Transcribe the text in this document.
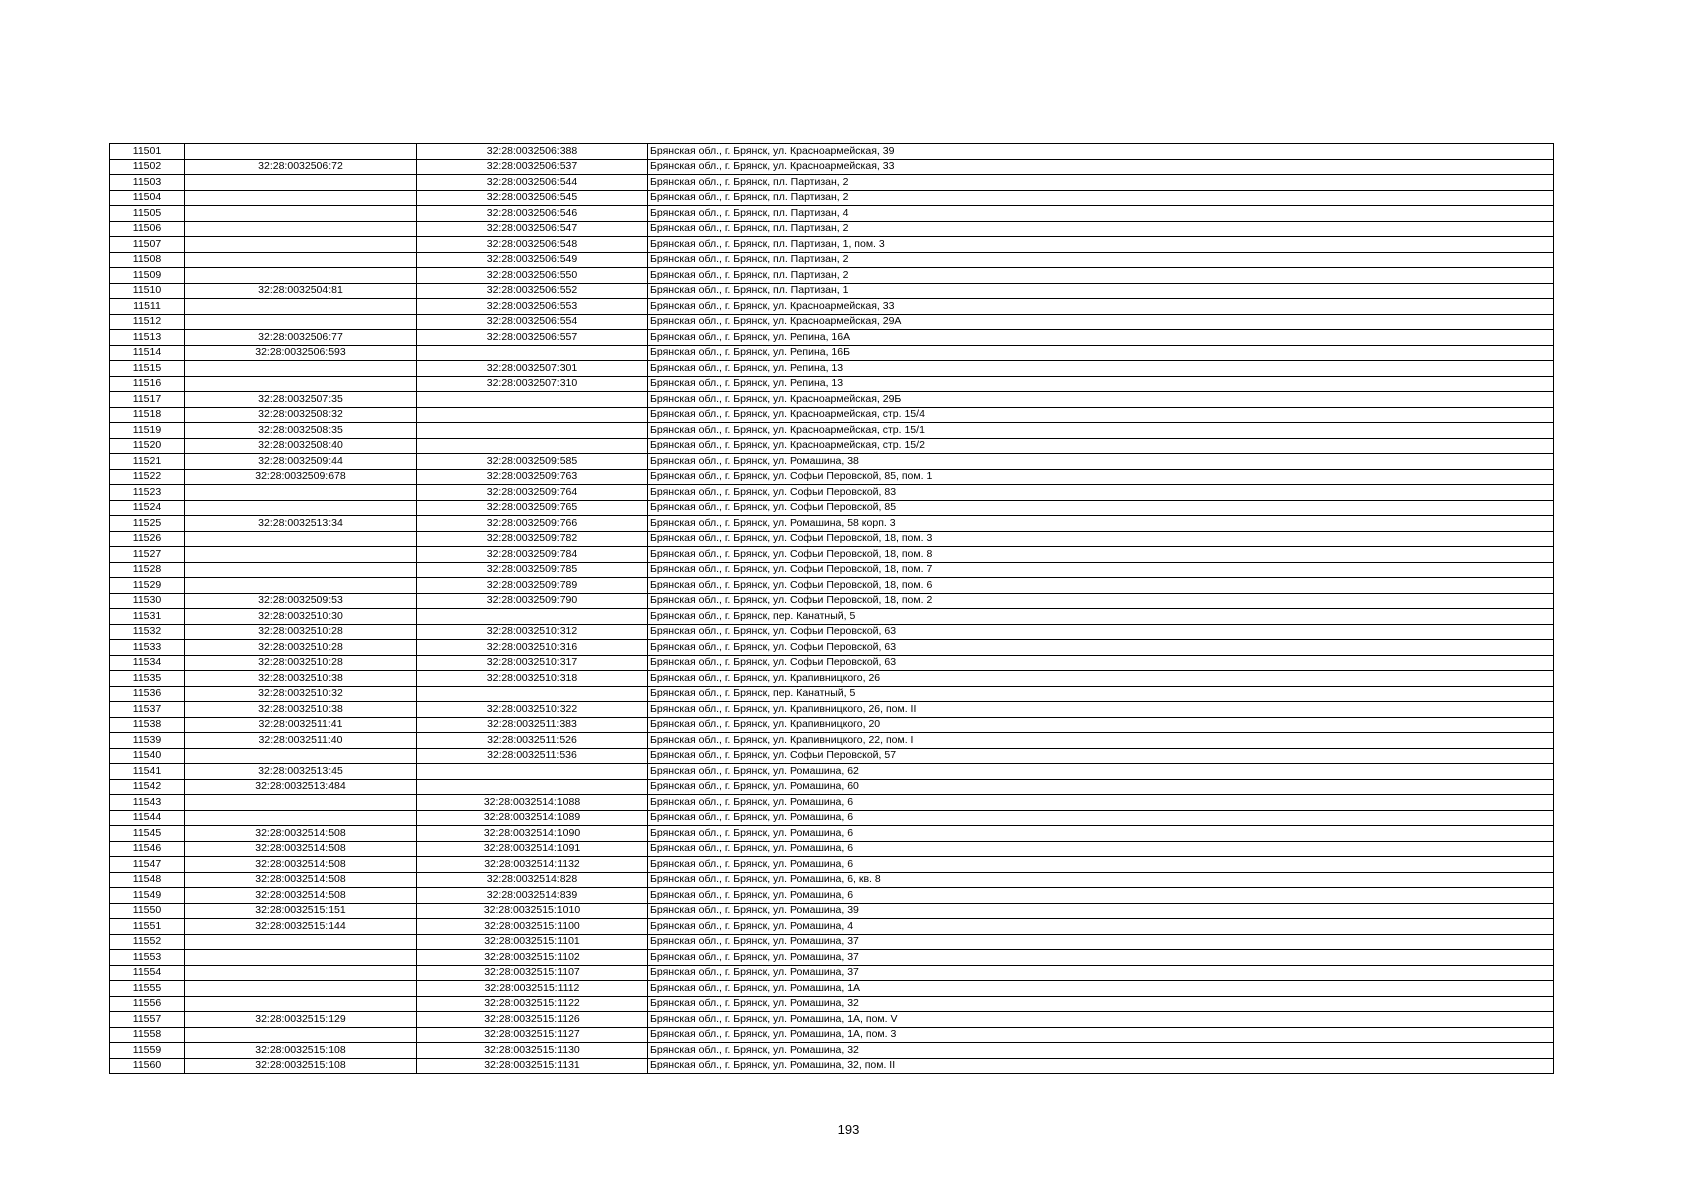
11501		32:28:0032506:388	Брянская обл., г. Брянск, ул. Красноармейская, 39
11502	32:28:0032506:72	32:28:0032506:537	Брянская обл., г. Брянск, ул. Красноармейская, 33
11503		32:28:0032506:544	Брянская обл., г. Брянск, пл. Партизан, 2
11504		32:28:0032506:545	Брянская обл., г. Брянск, пл. Партизан, 2
11505		32:28:0032506:546	Брянская обл., г. Брянск, пл. Партизан, 4
11506		32:28:0032506:547	Брянская обл., г. Брянск, пл. Партизан, 2
11507		32:28:0032506:548	Брянская обл., г. Брянск, пл. Партизан, 1, пом. 3
11508		32:28:0032506:549	Брянская обл., г. Брянск, пл. Партизан, 2
11509		32:28:0032506:550	Брянская обл., г. Брянск, пл. Партизан, 2
11510	32:28:0032504:81	32:28:0032506:552	Брянская обл., г. Брянск, пл. Партизан, 1
11511		32:28:0032506:553	Брянская обл., г. Брянск, ул. Красноармейская, 33
11512		32:28:0032506:554	Брянская обл., г. Брянск, ул. Красноармейская, 29А
11513	32:28:0032506:77	32:28:0032506:557	Брянская обл., г. Брянск, ул. Репина, 16А
11514	32:28:0032506:593		Брянская обл., г. Брянск, ул. Репина, 16Б
11515		32:28:0032507:301	Брянская обл., г. Брянск, ул. Репина, 13
11516		32:28:0032507:310	Брянская обл., г. Брянск, ул. Репина, 13
11517	32:28:0032507:35		Брянская обл., г. Брянск, ул. Красноармейская, 29Б
11518	32:28:0032508:32		Брянская обл., г. Брянск, ул. Красноармейская, стр. 15/4
11519	32:28:0032508:35		Брянская обл., г. Брянск, ул. Красноармейская, стр. 15/1
11520	32:28:0032508:40		Брянская обл., г. Брянск, ул. Красноармейская, стр. 15/2
11521	32:28:0032509:44	32:28:0032509:585	Брянская обл., г. Брянск, ул. Ромашина, 38
11522	32:28:0032509:678	32:28:0032509:763	Брянская обл., г. Брянск, ул. Софьи Перовской, 85, пом. 1
11523		32:28:0032509:764	Брянская обл., г. Брянск, ул. Софьи Перовской, 83
11524		32:28:0032509:765	Брянская обл., г. Брянск, ул. Софьи Перовской, 85
11525	32:28:0032513:34	32:28:0032509:766	Брянская обл., г. Брянск, ул. Ромашина, 58 корп. 3
11526		32:28:0032509:782	Брянская обл., г. Брянск, ул. Софьи Перовской, 18, пом. 3
11527		32:28:0032509:784	Брянская обл., г. Брянск, ул. Софьи Перовской, 18, пом. 8
11528		32:28:0032509:785	Брянская обл., г. Брянск, ул. Софьи Перовской, 18, пом. 7
11529		32:28:0032509:789	Брянская обл., г. Брянск, ул. Софьи Перовской, 18, пом. 6
11530	32:28:0032509:53	32:28:0032509:790	Брянская обл., г. Брянск, ул. Софьи Перовской, 18, пом. 2
11531	32:28:0032510:30		Брянская обл., г. Брянск, пер. Канатный, 5
11532	32:28:0032510:28	32:28:0032510:312	Брянская обл., г. Брянск, ул. Софьи Перовской, 63
11533	32:28:0032510:28	32:28:0032510:316	Брянская обл., г. Брянск, ул. Софьи Перовской, 63
11534	32:28:0032510:28	32:28:0032510:317	Брянская обл., г. Брянск, ул. Софьи Перовской, 63
11535	32:28:0032510:38	32:28:0032510:318	Брянская обл., г. Брянск, ул. Крапивницкого, 26
11536	32:28:0032510:32		Брянская обл., г. Брянск, пер. Канатный, 5
11537	32:28:0032510:38	32:28:0032510:322	Брянская обл., г. Брянск, ул. Крапивницкого, 26, пом. II
11538	32:28:0032511:41	32:28:0032511:383	Брянская обл., г. Брянск, ул. Крапивницкого, 20
11539	32:28:0032511:40	32:28:0032511:526	Брянская обл., г. Брянск, ул. Крапивницкого, 22, пом. I
11540		32:28:0032511:536	Брянская обл., г. Брянск, ул. Софьи Перовской, 57
11541	32:28:0032513:45		Брянская обл., г. Брянск, ул. Ромашина, 62
11542	32:28:0032513:484		Брянская обл., г. Брянск, ул. Ромашина, 60
11543		32:28:0032514:1088	Брянская обл., г. Брянск, ул. Ромашина, 6
11544		32:28:0032514:1089	Брянская обл., г. Брянск, ул. Ромашина, 6
11545	32:28:0032514:508	32:28:0032514:1090	Брянская обл., г. Брянск, ул. Ромашина, 6
11546	32:28:0032514:508	32:28:0032514:1091	Брянская обл., г. Брянск, ул. Ромашина, 6
11547	32:28:0032514:508	32:28:0032514:1132	Брянская обл., г. Брянск, ул. Ромашина, 6
11548	32:28:0032514:508	32:28:0032514:828	Брянская обл., г. Брянск, ул. Ромашина, 6, кв. 8
11549	32:28:0032514:508	32:28:0032514:839	Брянская обл., г. Брянск, ул. Ромашина, 6
11550	32:28:0032515:151	32:28:0032515:1010	Брянская обл., г. Брянск, ул. Ромашина, 39
11551	32:28:0032515:144	32:28:0032515:1100	Брянская обл., г. Брянск, ул. Ромашина, 4
11552		32:28:0032515:1101	Брянская обл., г. Брянск, ул. Ромашина, 37
11553		32:28:0032515:1102	Брянская обл., г. Брянск, ул. Ромашина, 37
11554		32:28:0032515:1107	Брянская обл., г. Брянск, ул. Ромашина, 37
11555		32:28:0032515:1112	Брянская обл., г. Брянск, ул. Ромашина, 1А
11556		32:28:0032515:1122	Брянская обл., г. Брянск, ул. Ромашина, 32
11557	32:28:0032515:129	32:28:0032515:1126	Брянская обл., г. Брянск, ул. Ромашина, 1А, пом. V
11558		32:28:0032515:1127	Брянская обл., г. Брянск, ул. Ромашина, 1А, пом. 3
11559	32:28:0032515:108	32:28:0032515:1130	Брянская обл., г. Брянск, ул. Ромашина, 32
11560	32:28:0032515:108	32:28:0032515:1131	Брянская обл., г. Брянск, ул. Ромашина, 32, пом. II
193
